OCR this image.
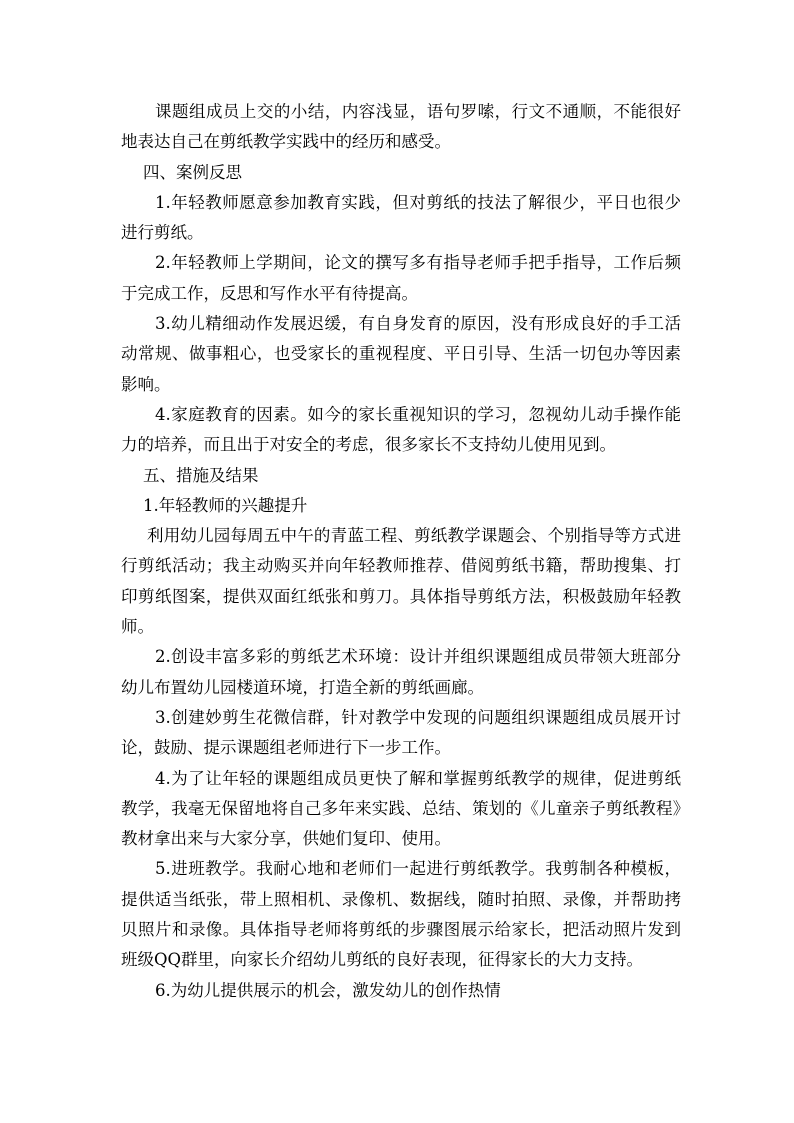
课题组成员上交的小结，内容浅显，语句罗嗦，行文不通顺，不能很好地表达自己在剪纸教学实践中的经历和感受。

四、案例反思

1.年轻教师愿意参加教育实践，但对剪纸的技法了解很少，平日也很少进行剪纸。

2.年轻教师上学期间，论文的撰写多有指导老师手把手指导，工作后频于完成工作，反思和写作水平有待提高。

3.幼儿精细动作发展迟缓，有自身发育的原因，没有形成良好的手工活动常规、做事粗心，也受家长的重视程度、平日引导、生活一切包办等因素影响。

4.家庭教育的因素。如今的家长重视知识的学习，忽视幼儿动手操作能力的培养，而且出于对安全的考虑，很多家长不支持幼儿使用见到。

五、措施及结果

1.年轻教师的兴趣提升

利用幼儿园每周五中午的青蓝工程、剪纸教学课题会、个别指导等方式进行剪纸活动；我主动购买并向年轻教师推荐、借阅剪纸书籍，帮助搜集、打印剪纸图案，提供双面红纸张和剪刀。具体指导剪纸方法，积极鼓励年轻教师。

2.创设丰富多彩的剪纸艺术环境：设计并组织课题组成员带领大班部分幼儿布置幼儿园楼道环境，打造全新的剪纸画廊。

3.创建妙剪生花微信群，针对教学中发现的问题组织课题组成员展开讨论，鼓励、提示课题组老师进行下一步工作。

4.为了让年轻的课题组成员更快了解和掌握剪纸教学的规律，促进剪纸教学，我毫无保留地将自己多年来实践、总结、策划的《儿童亲子剪纸教程》教材拿出来与大家分享，供她们复印、使用。

5.进班教学。我耐心地和老师们一起进行剪纸教学。我剪制各种模板，提供适当纸张，带上照相机、录像机、数据线，随时拍照、录像，并帮助拷贝照片和录像。具体指导老师将剪纸的步骤图展示给家长，把活动照片发到班级QQ群里，向家长介绍幼儿剪纸的良好表现，征得家长的大力支持。

6.为幼儿提供展示的机会，激发幼儿的创作热情
